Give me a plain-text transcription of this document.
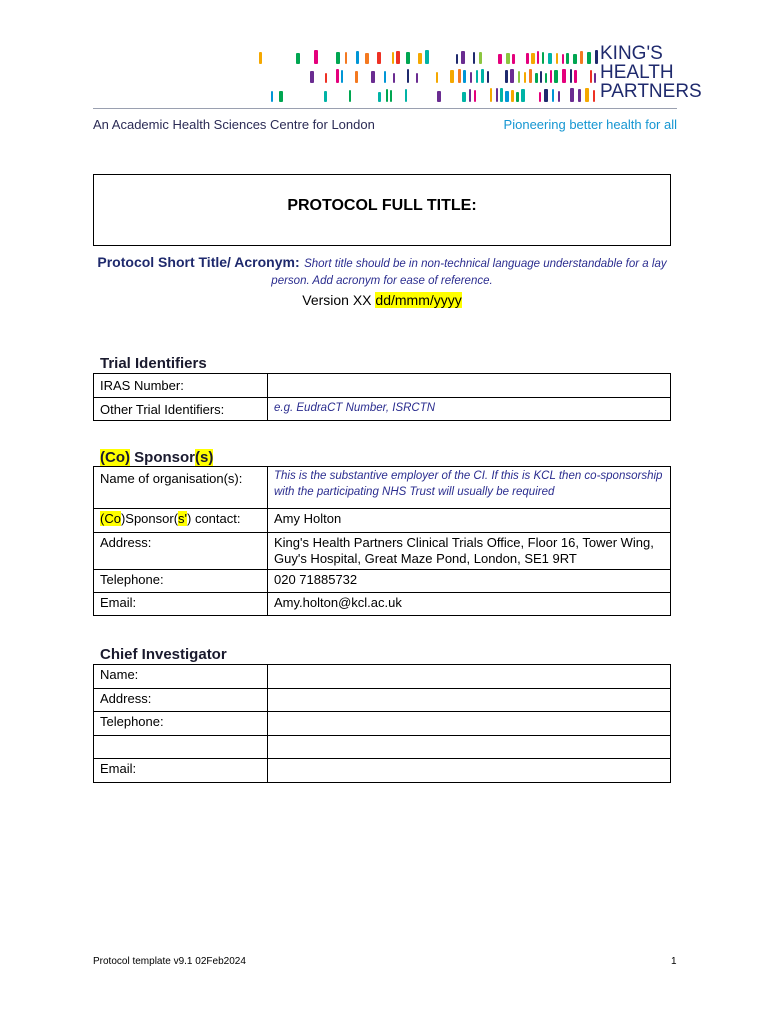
KING'S
HEALTH
PARTNERS
An Academic Health Sciences Centre for London	Pioneering better health for all
PROTOCOL FULL TITLE:
Protocol Short Title/ Acronym: Short title should be in non-technical language understandable for a lay person. Add acronym for ease of reference.
Version XX dd/mmm/yyyy
Trial Identifiers
IRAS Number:	
Other Trial Identifiers:	e.g. EudraCT Number, ISRCTN
(Co) Sponsor(s)
Name of organisation(s):	This is the substantive employer of the CI. If this is KCL then co-sponsorship with the participating NHS Trust will usually be required
(Co)Sponsor(s') contact:	Amy Holton
Address:	King's Health Partners Clinical Trials Office, Floor 16, Tower Wing, Guy's Hospital, Great Maze Pond, London, SE1 9RT
Telephone:	020 71885732
Email:	Amy.holton@kcl.ac.uk
Chief Investigator
Name:	
Address:	
Telephone:	

Email:	
Protocol template v9.1 02Feb2024	1
